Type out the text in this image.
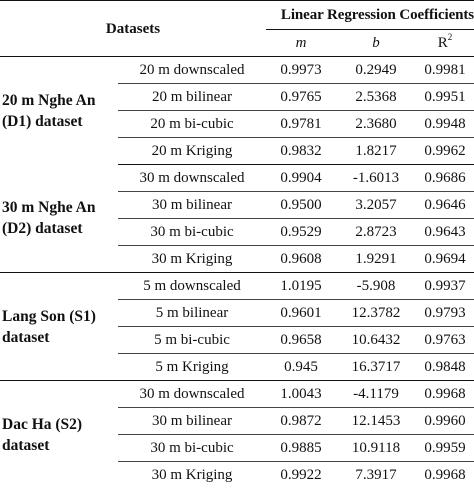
Datasets		Linear Regression Coefficients		
		m	b	$R^2$
20 m Nghe An
(D1) dataset	20 m downscaled	0.9973	0.2949	0.9981
	20 m bilinear	0.9765	2.5368	0.9951
	20 m bi-cubic	0.9781	2.3680	0.9948
	20 m Kriging	0.9832	1.8217	0.9962
30 m Nghe An
(D2) dataset	30 m downscaled	0.9904	-1.6013	0.9686
	30 m bilinear	0.9500	3.2057	0.9646
	30 m bi-cubic	0.9529	2.8723	0.9643
	30 m Kriging	0.9608	1.9291	0.9694
Lang Son (S1)
dataset	5 m downscaled	1.0195	-5.908	0.9937
	5 m bilinear	0.9601	12.3782	0.9793
	5 m bi-cubic	0.9658	10.6432	0.9763
	5 m Kriging	0.945	16.3717	0.9848
Dac Ha (S2)
dataset	30 m downscaled	1.0043	-4.1179	0.9968
	30 m bilinear	0.9872	12.1453	0.9960
	30 m bi-cubic	0.9885	10.9118	0.9959
	30 m Kriging	0.9922	7.3917	0.9968
